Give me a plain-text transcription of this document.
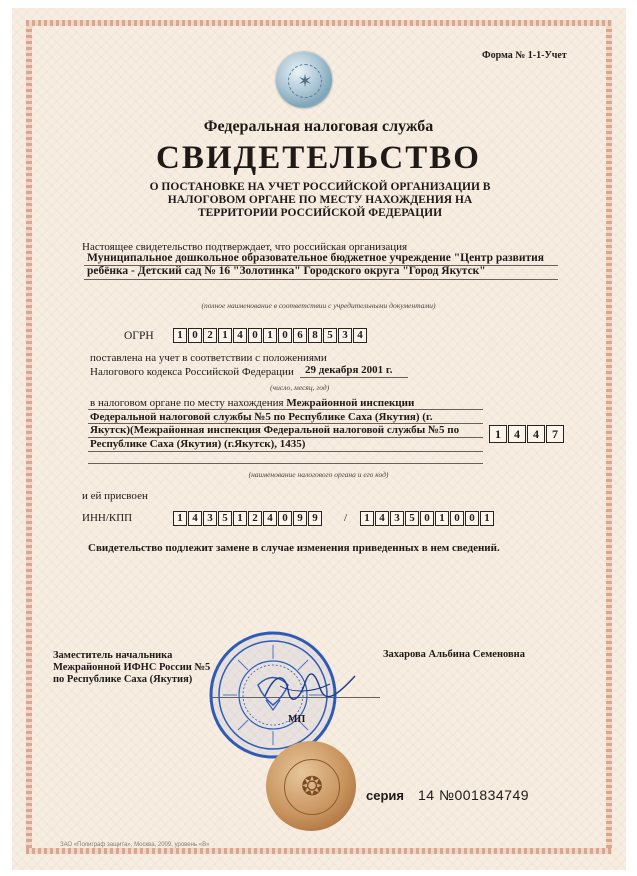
Форма № 1-1-Учет
✶
Федеральная налоговая служба
СВИДЕТЕЛЬСТВО
О ПОСТАНОВКЕ НА УЧЕТ РОССИЙСКОЙ ОРГАНИЗАЦИИ В НАЛОГОВОМ ОРГАНЕ ПО МЕСТУ НАХОЖДЕНИЯ НА ТЕРРИТОРИИ РОССИЙСКОЙ ФЕДЕРАЦИИ
Настоящее свидетельство подтверждает, что российская организация
Муниципальное дошкольное образовательное бюджетное учреждение "Центр развития ребёнка - Детский сад № 16 "Золотинка" Городского округа "Город Якутск"
(полное наименование в соответствии с учредительными документами)
ОГРН	1 0 2 1 4 0 1 0 6 8 5 3 4
поставлена на учет в соответствии с положениями
Налогового кодекса Российской Федерации	29 декабря 2001 г.
(число, месяц, год)
в налоговом органе по месту нахождения Межрайонной инспекции Федеральной налоговой службы №5 по Республике Саха (Якутия) (г. Якутск)(Межрайонная инспекция Федеральной налоговой службы №5 по Республике Саха (Якутия) (г.Якутск), 1435)
1	4	4	7
(наименование налогового органа и его код)
и ей присвоен
ИНН/КПП	1 4 3 5 1 2 4 0 9 9	/	1 4 3 5 0 1 0 0 1
Свидетельство подлежит замене в случае изменения приведенных в нем сведений.
Заместитель начальника Межрайонной ИФНС России №5 по Республике Саха (Якутия)
Захарова Альбина Семеновна
МП
❂	серия 14 №001834749
ЗАО «Полиграф защита», Москва, 2009, уровень «В»
